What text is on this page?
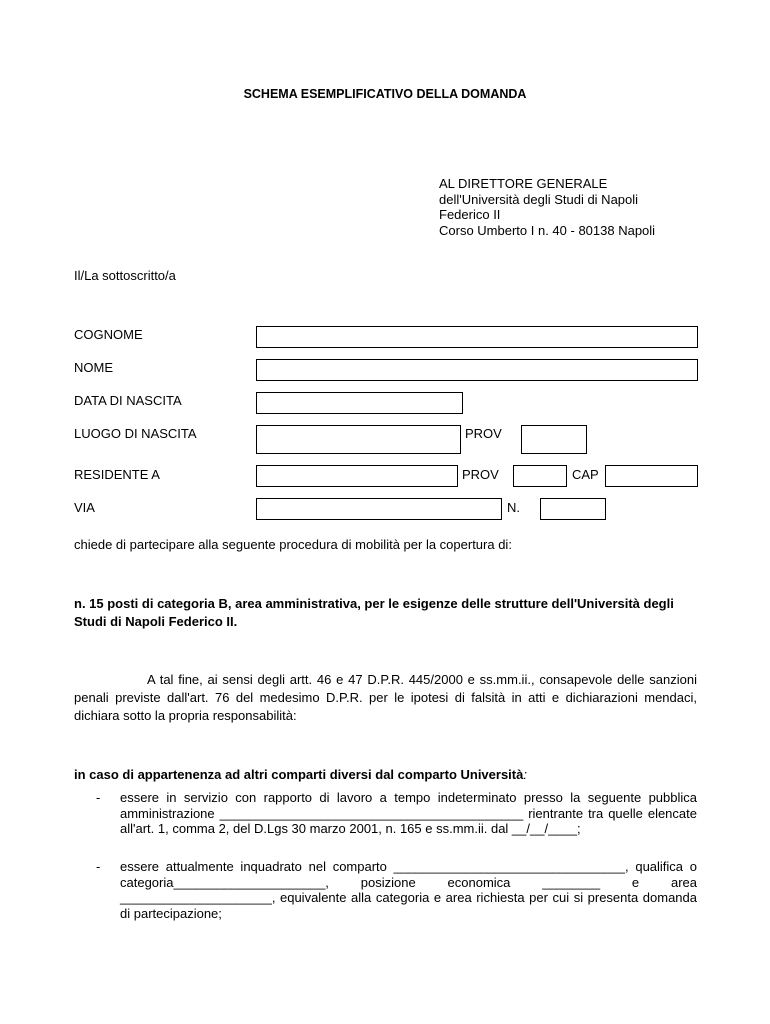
SCHEMA ESEMPLIFICATIVO DELLA DOMANDA
AL DIRETTORE GENERALE
dell'Università degli Studi di Napoli
Federico II
Corso Umberto I n. 40 - 80138 Napoli
Il/La sottoscritto/a
COGNOME
NOME
DATA DI NASCITA
LUOGO DI NASCITA	PROV
RESIDENTE A	PROV	CAP
VIA	N.
chiede di partecipare alla seguente procedura di mobilità per la copertura di:
n. 15 posti di categoria B, area amministrativa, per le esigenze delle strutture dell'Università degli Studi di Napoli Federico II.
A tal fine, ai sensi degli artt. 46 e 47 D.P.R. 445/2000 e ss.mm.ii., consapevole delle sanzioni penali previste dall'art. 76 del medesimo D.P.R. per le ipotesi di falsità in atti e dichiarazioni mendaci, dichiara sotto la propria responsabilità:
in caso di appartenenza ad altri comparti diversi dal comparto Università:
- essere in servizio con rapporto di lavoro a tempo indeterminato presso la seguente pubblica amministrazione __________________________________________ rientrante tra quelle elencate all'art. 1, comma 2, del D.Lgs 30 marzo 2001, n. 165 e ss.mm.ii. dal __/__/____;
- essere attualmente inquadrato nel comparto ________________________________, qualifica o categoria_____________________, posizione economica ________ e area _____________________, equivalente alla categoria e area richiesta per cui si presenta domanda di partecipazione;
